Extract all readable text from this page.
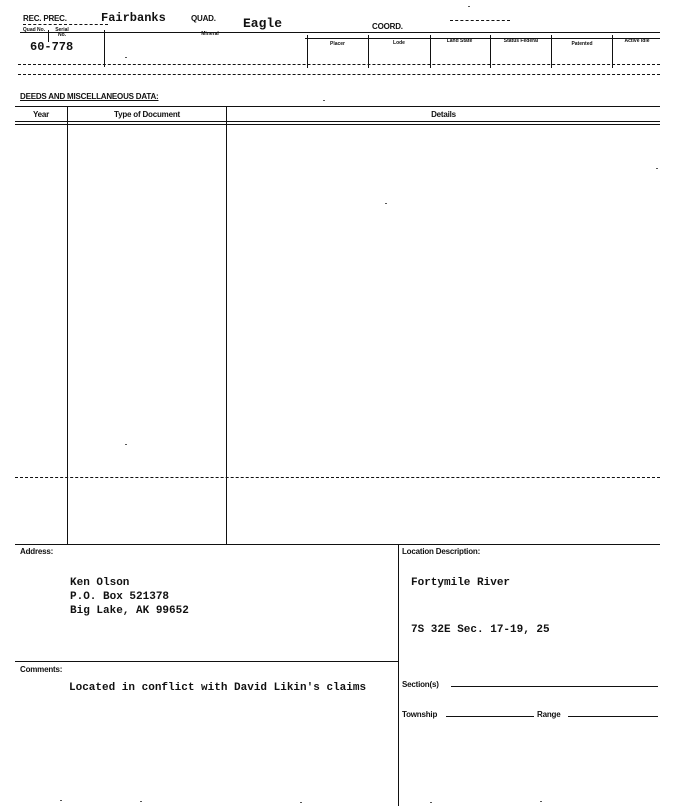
REC. PREC.	Fairbanks	QUAD. Eagle	COORD.
Quad No.	Serial No.	Mineral
Placer	Lode	Land State	Status Federal	Patented	Active Idle
60-778
DEEDS AND MISCELLANEOUS DATA:
Year	Type of Document	Details
Address:
Ken Olson
P.O. Box 521378
Big Lake, AK 99652
Location Description:
Fortymile River
7S 32E Sec. 17-19, 25
Comments:
Located in conflict with David Likin's claims	Section(s)
Township	Range
